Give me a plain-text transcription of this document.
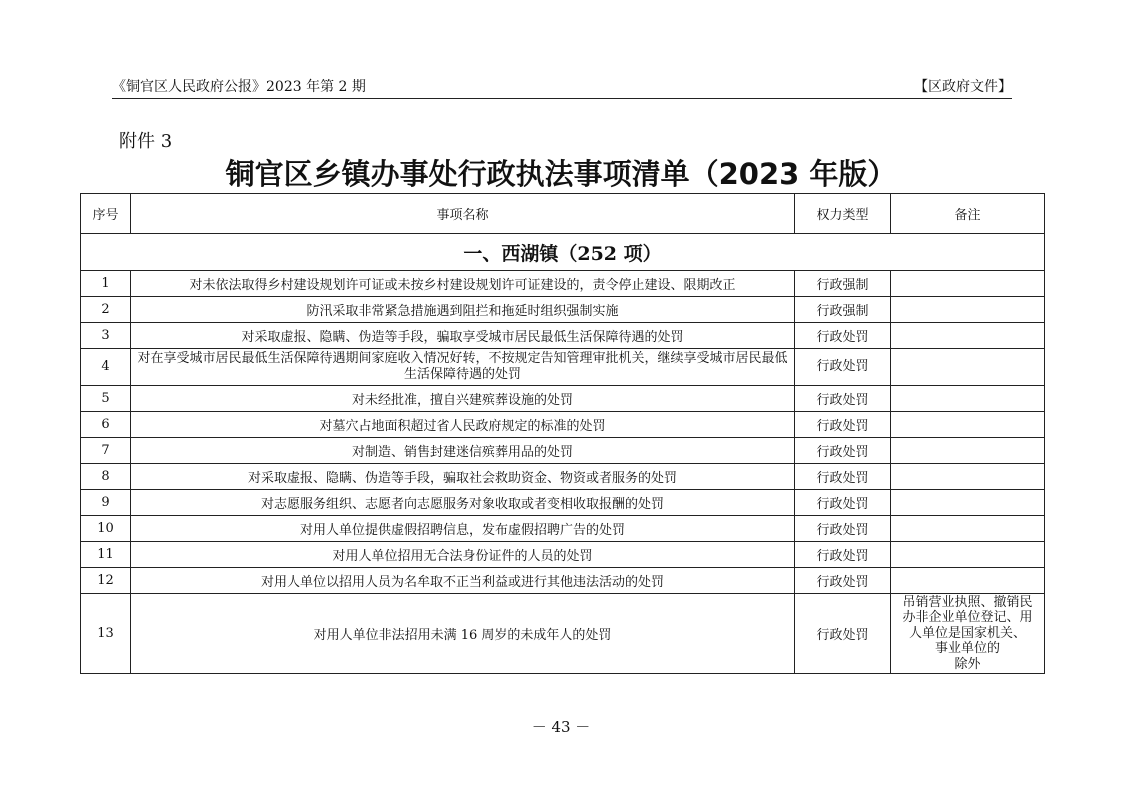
《铜官区人民政府公报》2023 年第 2 期	【区政府文件】
附件 3
铜官区乡镇办事处行政执法事项清单（2023 年版）
序号	事项名称	权力类型	备注
一、西湖镇（252 项）			
1	对未依法取得乡村建设规划许可证或未按乡村建设规划许可证建设的，责令停止建设、限期改正	行政强制	
2	防汛采取非常紧急措施遇到阻拦和拖延时组织强制实施	行政强制	
3	对采取虚报、隐瞒、伪造等手段，骗取享受城市居民最低生活保障待遇的处罚	行政处罚	
4	对在享受城市居民最低生活保障待遇期间家庭收入情况好转，不按规定告知管理审批机关，继续享受城市居民最低生活保障待遇的处罚	行政处罚	
5	对未经批准，擅自兴建殡葬设施的处罚	行政处罚	
6	对墓穴占地面积超过省人民政府规定的标准的处罚	行政处罚	
7	对制造、销售封建迷信殡葬用品的处罚	行政处罚	
8	对采取虚报、隐瞒、伪造等手段，骗取社会救助资金、物资或者服务的处罚	行政处罚	
9	对志愿服务组织、志愿者向志愿服务对象收取或者变相收取报酬的处罚	行政处罚	
10	对用人单位提供虚假招聘信息，发布虚假招聘广告的处罚	行政处罚	
11	对用人单位招用无合法身份证件的人员的处罚	行政处罚	
12	对用人单位以招用人员为名牟取不正当利益或进行其他违法活动的处罚	行政处罚	
13	对用人单位非法招用未满 16 周岁的未成年人的处罚	行政处罚	吊销营业执照、撤销民
办非企业单位登记、用
人单位是国家机关、
事业单位的
除外
－ 43 －
